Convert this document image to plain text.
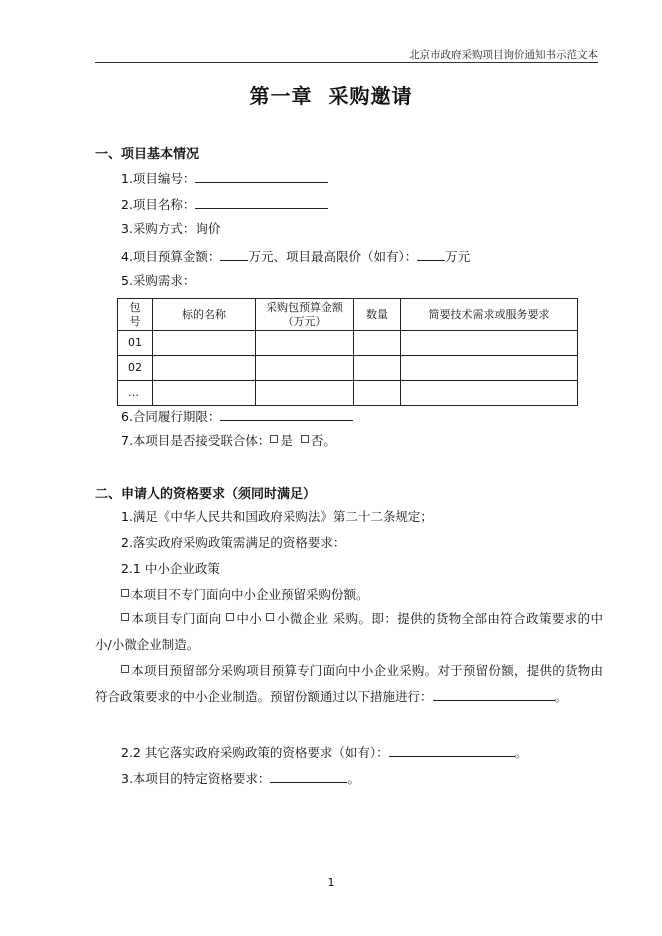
北京市政府采购项目询价通知书示范文本
第一章  采购邀请
一、项目基本情况
1.项目编号：
2.项目名称：
3.采购方式：询价
4.项目预算金额： 万元、项目最高限价（如有）： 万元
5.采购需求：
包号	标的名称	采购包预算金额（万元）	数量	简要技术需求或服务要求
01				
02				
…				
6.合同履行期限：
7.本项目是否接受联合体： 是 否。
二、申请人的资格要求（须同时满足）
1.满足《中华人民共和国政府采购法》第二十二条规定；
2.落实政府采购政策需满足的资格要求：
2.1 中小企业政策
本项目不专门面向中小企业预留采购份额。
本项目专门面向 中小 小微企业 采购。即：提供的货物全部由符合政策要求的中小/小微企业制造。
本项目预留部分采购项目预算专门面向中小企业采购。对于预留份额，提供的货物由符合政策要求的中小企业制造。预留份额通过以下措施进行：	。
2.2 其它落实政府采购政策的资格要求（如有）：	。
3.本项目的特定资格要求：	。
1
